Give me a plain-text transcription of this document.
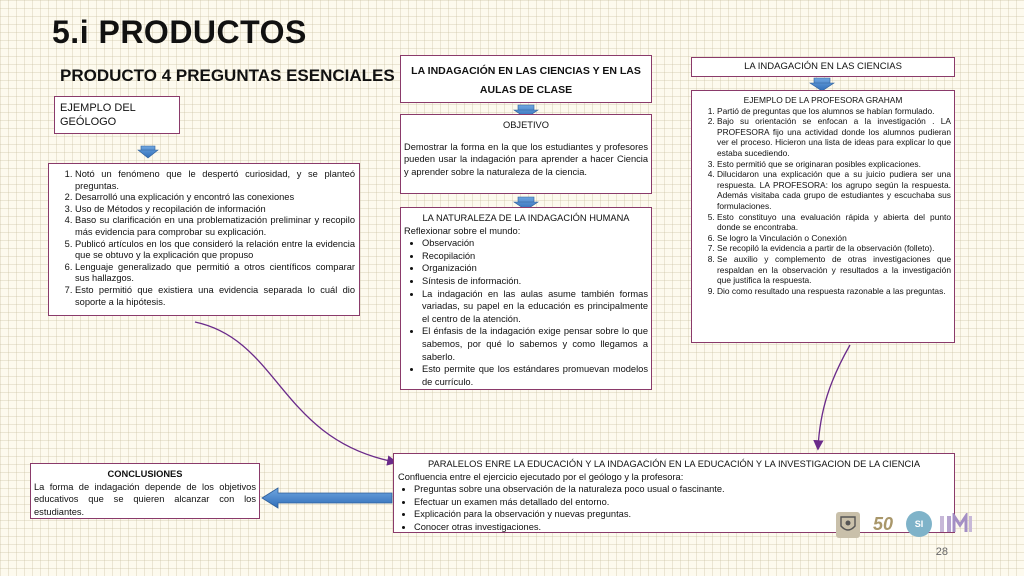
5.i PRODUCTOS
PRODUCTO 4 PREGUNTAS ESENCIALES
EJEMPLO DEL
GEÓLOGO
1. Notó un fenómeno que le despertó curiosidad, y se planteó preguntas.
2. Desarrolló una explicación y encontró las conexiones
3. Uso de Métodos y recopilación de información
4. Baso su clarificación en una problematización preliminar y recopilo más evidencia para comprobar su explicación.
5. Publicó artículos en los que consideró la relación entre la evidencia que se obtuvo y la explicación que propuso
6. Lenguaje generalizado que permitió a otros científicos comparar sus hallazgos.
7. Esto permitió que existiera una evidencia separada lo cuál dio soporte a la hipótesis.
LA INDAGACIÓN EN LAS CIENCIAS Y EN LAS AULAS DE CLASE
OBJETIVO
Demostrar la forma en la que los estudiantes y profesores pueden usar la indagación para aprender a hacer Ciencia y aprender sobre la naturaleza de la ciencia.
LA NATURALEZA DE LA INDAGACIÓN HUMANA
Reflexionar sobre el mundo:
• Observación
• Recopilación
• Organización
• Síntesis de información.
• La indagación en las aulas asume también formas variadas, su papel en la educación es principalmente el centro de la atención.
• El énfasis de la indagación exige pensar sobre lo que sabemos, por qué lo sabemos y como llegamos a saberlo.
• Esto permite que los estándares promuevan modelos de currículo.
LA INDAGACIÓN EN LAS CIENCIAS
EJEMPLO DE LA PROFESORA GRAHAM
1. Partió de preguntas que los alumnos se habían formulado.
2. Bajo su orientación se enfocan a la investigación . LA PROFESORA fijo una actividad donde los alumnos pudieran ver el proceso. Hicieron una lista de ideas para explicar lo que estaba sucediendo.
3. Esto permitió que se originaran posibles explicaciones.
4. Dilucidaron una explicación que a su juicio pudiera ser una respuesta. LA PROFESORA: los agrupo según la respuesta. Además visitaba cada grupo de estudiantes y escuchaba sus formulaciones.
5. Esto constituyo una evaluación rápida y abierta del punto donde se encontraba.
6. Se logro la Vinculación o Conexión
7. Se recopiló la evidencia a partir de la observación (folleto).
8. Se auxilio y complemento de otras investigaciones que respaldan en la observación y resultados a la investigación que justifica la respuesta.
9. Dio como resultado una respuesta razonable a las preguntas.
PARALELOS ENRE LA EDUCACIÓN Y LA INDAGACIÓN EN LA EDUCACIÓN Y LA INVESTIGACION DE LA CIENCIA
Confluencia entre el ejercicio ejecutado por el geólogo y la profesora:
• Preguntas sobre una observación de la naturaleza poco usual o fascinante.
• Efectuar un examen más detallado del entorno.
• Explicación para la observación y nuevas preguntas.
• Conocer otras investigaciones.
CONCLUSIONES
La forma de indagación depende de los objetivos educativos que se quieren alcanzar con los estudiantes.
50 SI
28
